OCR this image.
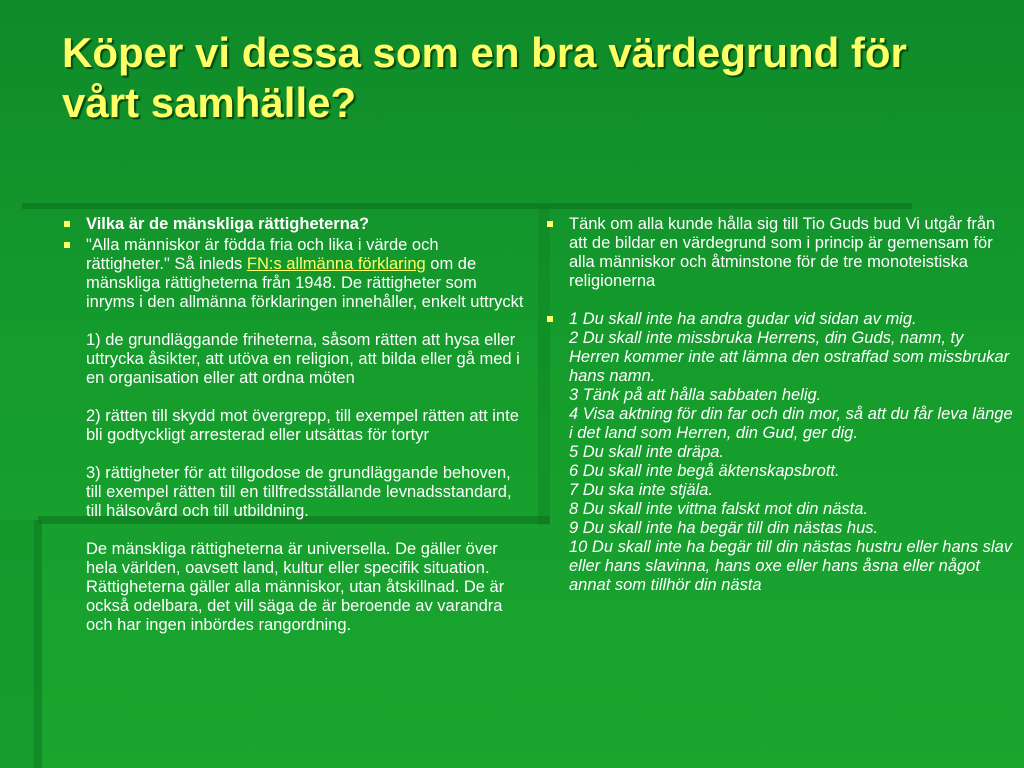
Köper vi dessa som en bra värdegrund för vårt samhälle?
Vilka är de mänskliga rättigheterna?
"Alla människor är födda fria och lika i värde och rättigheter." Så inleds FN:s allmänna förklaring om de mänskliga rättigheterna från 1948. De rättigheter som inryms i den allmänna förklaringen innehåller, enkelt uttryckt
1) de grundläggande friheterna, såsom rätten att hysa eller uttrycka åsikter, att utöva en religion, att bilda eller gå med i en organisation eller att ordna möten
2) rätten till skydd mot övergrepp, till exempel rätten att inte bli godtyckligt arresterad eller utsättas för tortyr
3) rättigheter för att tillgodose de grundläggande behoven, till exempel rätten till en tillfredsställande levnadsstandard, till hälsovård och till utbildning.
De mänskliga rättigheterna är universella. De gäller över hela världen, oavsett land, kultur eller specifik situation. Rättigheterna gäller alla människor, utan åtskillnad. De är också odelbara, det vill säga de är beroende av varandra och har ingen inbördes rangordning.
Tänk om alla kunde hålla sig till Tio Guds bud Vi utgår från att de bildar en värdegrund som i princip är gemensam för alla människor och åtminstone för de tre monoteistiska religionerna
1 Du skall inte ha andra gudar vid sidan av mig.
2 Du skall inte missbruka Herrens, din Guds, namn, ty Herren kommer inte att lämna den ostraffad som missbrukar hans namn.
3 Tänk på att hålla sabbaten helig.
4 Visa aktning för din far och din mor, så att du får leva länge i det land som Herren, din Gud, ger dig.
5 Du skall inte dräpa.
6 Du skall inte begå äktenskapsbrott.
7 Du ska inte stjäla.
8 Du skall inte vittna falskt mot din nästa.
9 Du skall inte ha begär till din nästas hus.
10 Du skall inte ha begär till din nästas hustru eller hans slav eller hans slavinna, hans oxe eller hans åsna eller något annat som tillhör din nästa
